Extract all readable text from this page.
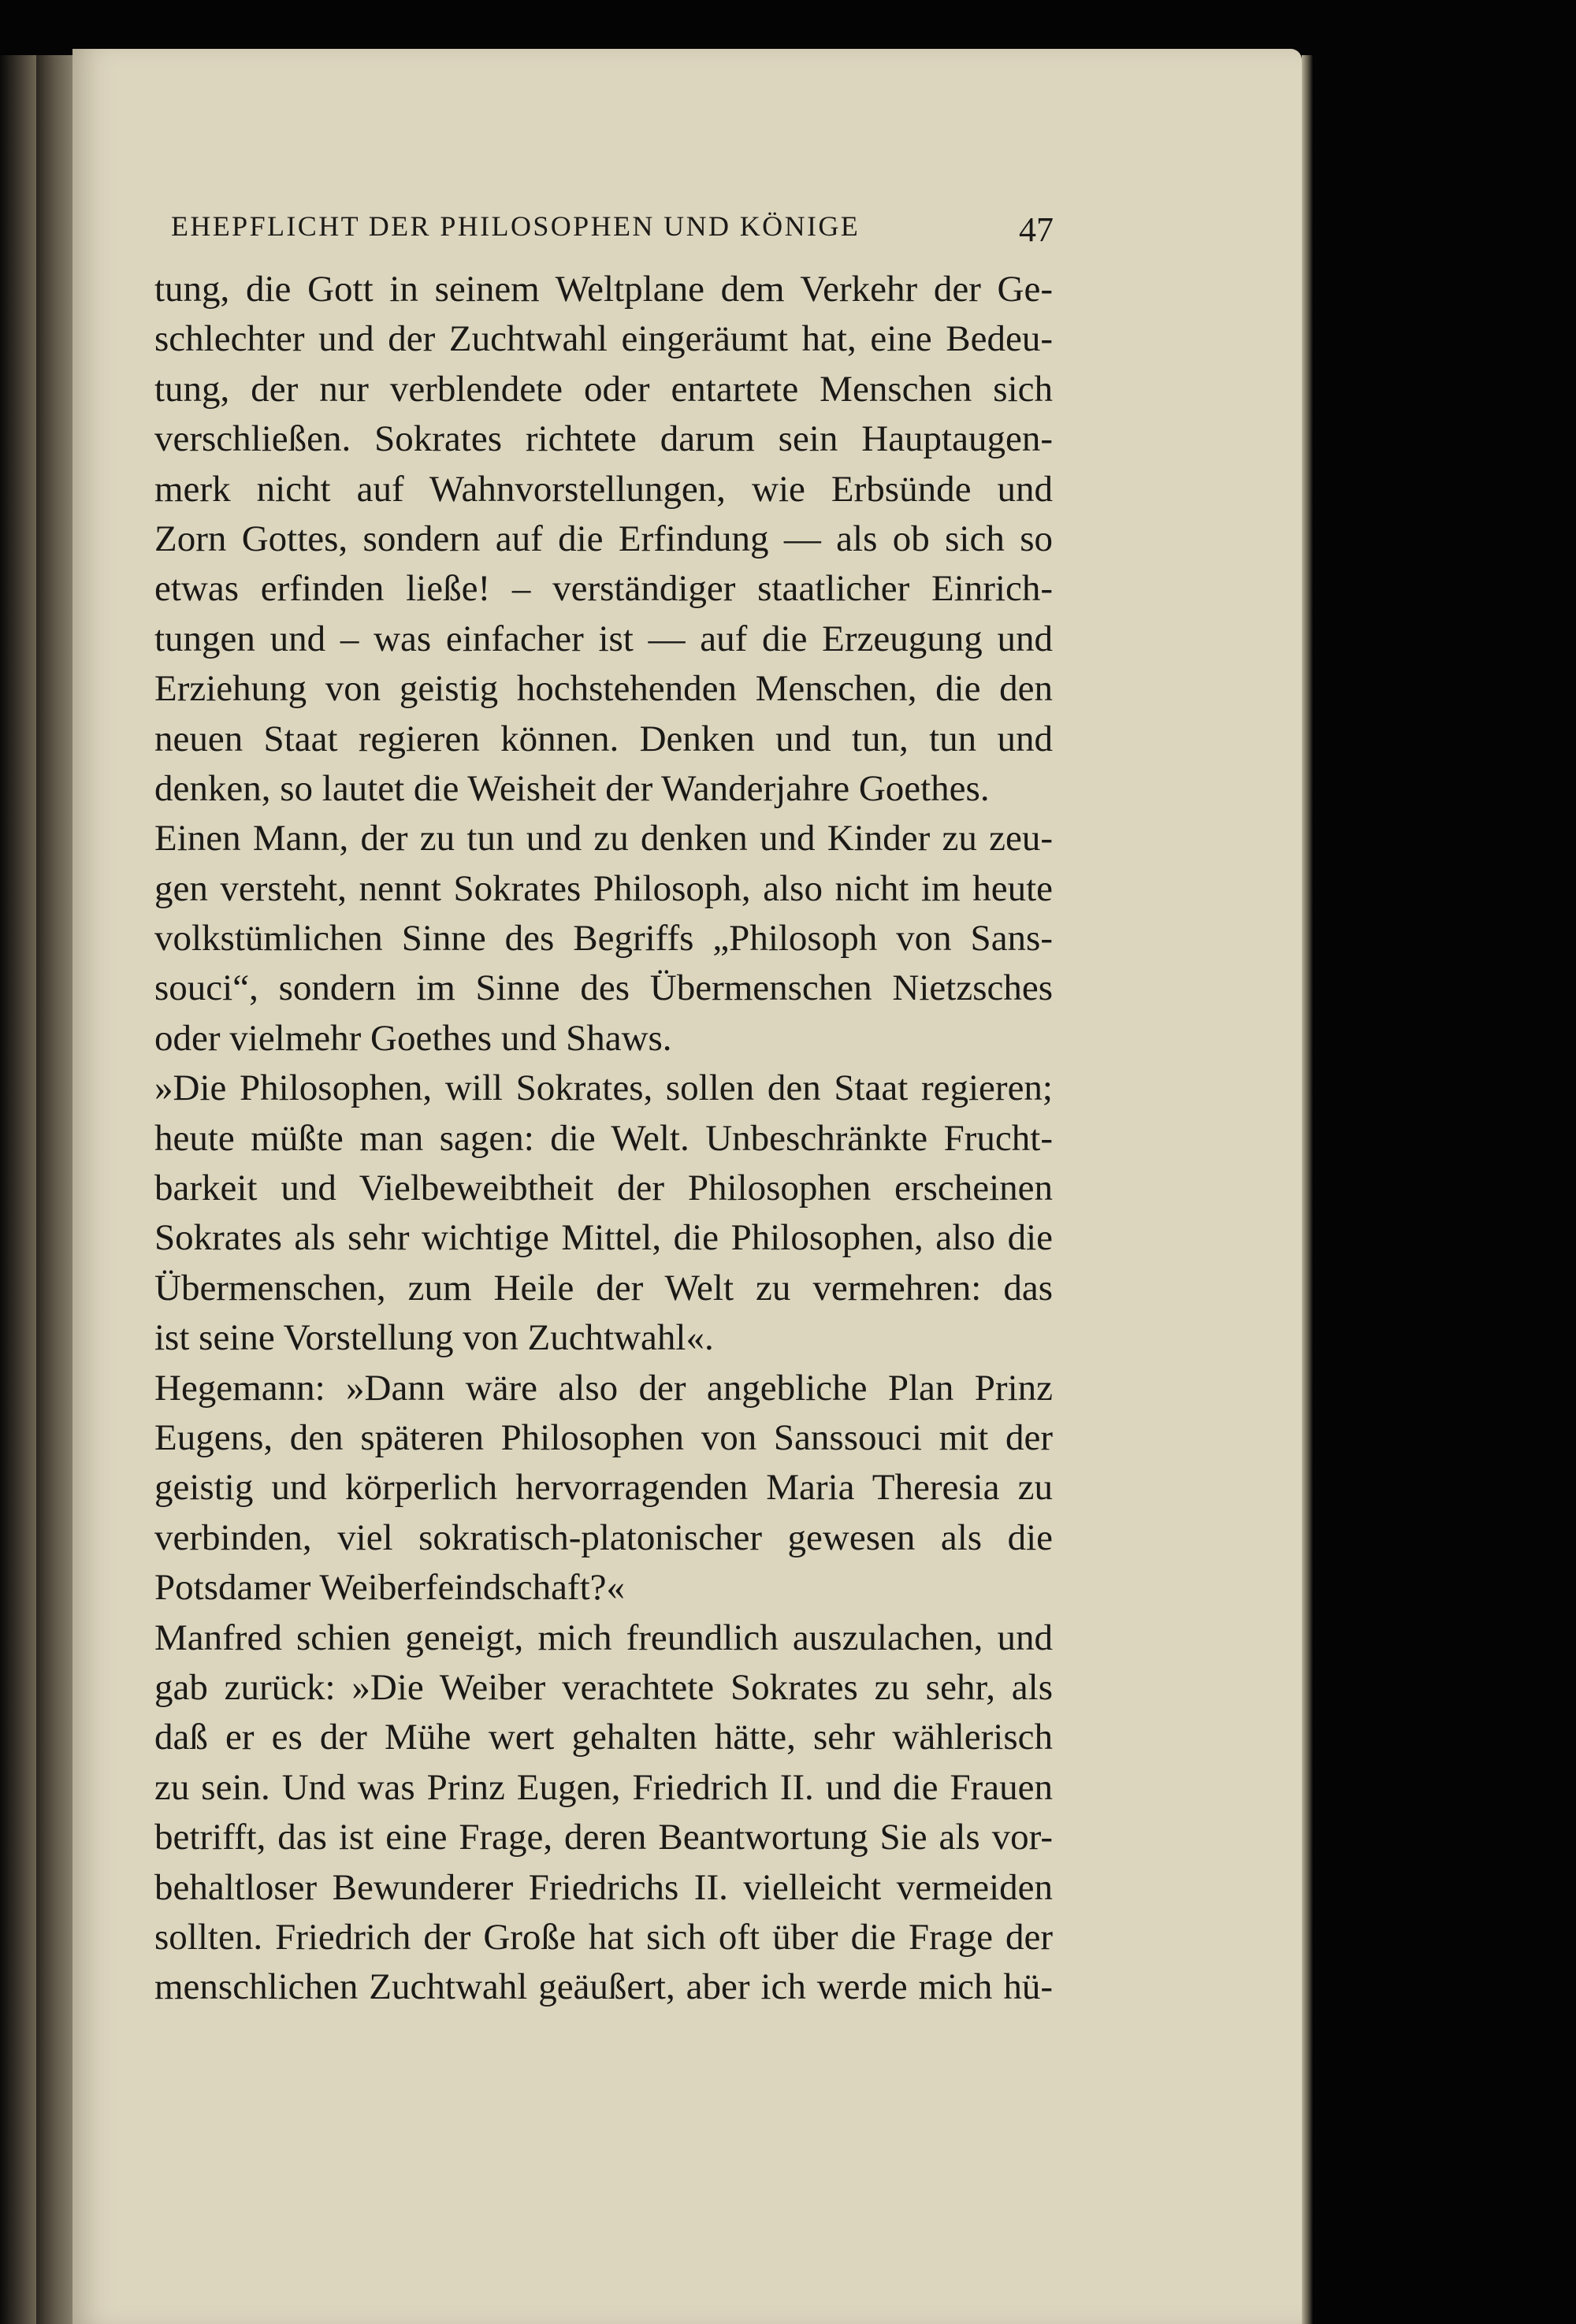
EHEPFLICHT DER PHILOSOPHEN UND KÖNIGE	47
tung, die Gott in seinem Weltplane dem Verkehr der Ge-
schlechter und der Zuchtwahl eingeräumt hat, eine Bedeu-
tung, der nur verblendete oder entartete Menschen sich
verschließen. Sokrates richtete darum sein Hauptaugen-
merk nicht auf Wahnvorstellungen, wie Erbsünde und
Zorn Gottes, sondern auf die Erfindung — als ob sich so
etwas erfinden ließe! – verständiger staatlicher Einrich-
tungen und – was einfacher ist — auf die Erzeugung und
Erziehung von geistig hochstehenden Menschen, die den
neuen Staat regieren können. Denken und tun, tun und
denken, so lautet die Weisheit der Wanderjahre Goethes.
Einen Mann, der zu tun und zu denken und Kinder zu zeu-
gen versteht, nennt Sokrates Philosoph, also nicht im heute
volkstümlichen Sinne des Begriffs „Philosoph von Sans-
souci“, sondern im Sinne des Übermenschen Nietzsches
oder vielmehr Goethes und Shaws.
»Die Philosophen, will Sokrates, sollen den Staat regieren;
heute müßte man sagen: die Welt. Unbeschränkte Frucht-
barkeit und Vielbeweibtheit der Philosophen erscheinen
Sokrates als sehr wichtige Mittel, die Philosophen, also die
Übermenschen, zum Heile der Welt zu vermehren: das
ist seine Vorstellung von Zuchtwahl«.
Hegemann: »Dann wäre also der angebliche Plan Prinz
Eugens, den späteren Philosophen von Sanssouci mit der
geistig und körperlich hervorragenden Maria Theresia zu
verbinden, viel sokratisch-platonischer gewesen als die
Potsdamer Weiberfeindschaft?«
Manfred schien geneigt, mich freundlich auszulachen, und
gab zurück: »Die Weiber verachtete Sokrates zu sehr, als
daß er es der Mühe wert gehalten hätte, sehr wählerisch
zu sein. Und was Prinz Eugen, Friedrich II. und die Frauen
betrifft, das ist eine Frage, deren Beantwortung Sie als vor-
behaltloser Bewunderer Friedrichs II. vielleicht vermeiden
sollten. Friedrich der Große hat sich oft über die Frage der
menschlichen Zuchtwahl geäußert, aber ich werde mich hü-
